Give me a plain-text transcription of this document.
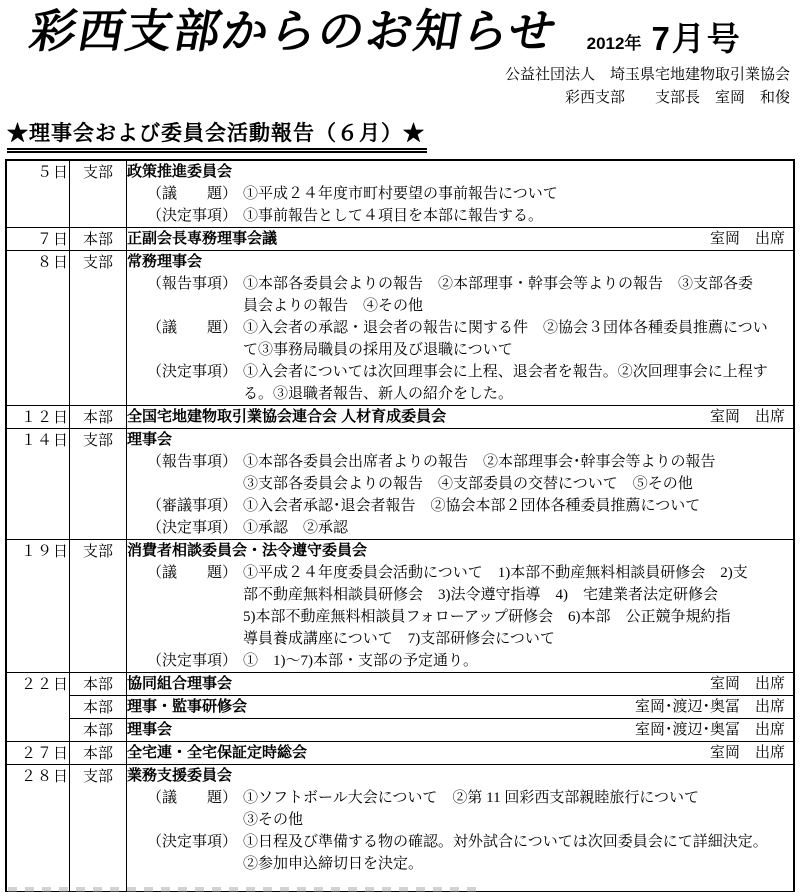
彩西支部からのお知らせ 2012年 7月号
公益社団法人　埼玉県宅地建物取引業協会
彩西支部　　支部長　室岡　和俊
★理事会および委員会活動報告（６月）★
５日	支部	政策推進委員会
（議　　題） ①平成２４年度市町村要望の事前報告について
（決定事項） ①事前報告として４項目を本部に報告する。

７日	本部	正副会長専務理事会議 室岡　出席

８日	支部	常務理事会
（報告事項） ①本部各委員会よりの報告　②本部理事・幹事会等よりの報告　③支部各委
員会よりの報告　④その他
（議　　題） ①入会者の承認・退会者の報告に関する件　②協会３団体各種委員推薦につい
て③事務局職員の採用及び退職について
（決定事項） ①入会者については次回理事会に上程、退会者を報告。②次回理事会に上程す
る。③退職者報告、新人の紹介をした。

１２日	本部	全国宅地建物取引業協会連合会 人材育成委員会 室岡　出席

１４日	支部	理事会
（報告事項） ①本部各委員会出席者よりの報告　②本部理事会･幹事会等よりの報告
③支部各委員会よりの報告　④支部委員の交替について　⑤その他
（審議事項） ①入会者承認･退会者報告　②協会本部２団体各種委員推薦について
（決定事項） ①承認　②承認

１９日	支部	消費者相談委員会・法令遵守委員会
（議　　題） ①平成２４年度委員会活動について　1)本部不動産無料相談員研修会　2)支
部不動産無料相談員研修会　3)法令遵守指導　4)　宅建業者法定研修会
5)本部不動産無料相談員フォローアップ研修会　6)本部　公正競争規約指
導員養成講座について　7)支部研修会について
（決定事項） ①　1)～7)本部・支部の予定通り。

２２日	本部	協同組合理事会 室岡　出席

	本部	理事・監事研修会 室岡･渡辺･奥冨　出席

	本部	理事会 室岡･渡辺･奥冨　出席

２７日	本部	全宅連・全宅保証定時総会 室岡　出席

２８日	支部	業務支援委員会
（議　　題） ①ソフトボール大会について　②第 11 回彩西支部親睦旅行について
③その他
（決定事項） ①日程及び準備する物の確認。対外試合については次回委員会にて詳細決定。
②参加申込締切日を決定。
